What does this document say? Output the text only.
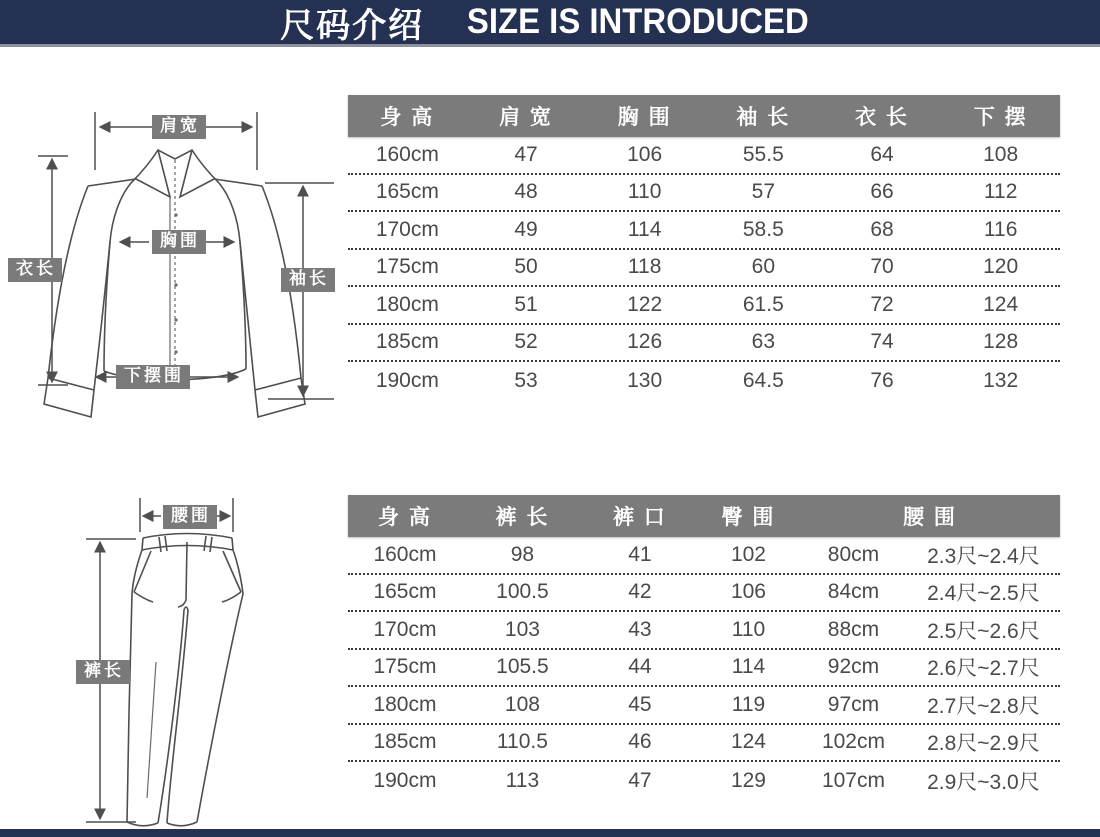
尺码介绍 SIZE IS INTRODUCED
肩宽
胸围
衣长
袖长
下摆围
身 高	肩 宽	胸 围	袖 长	衣 长	下 摆
160cm	47	106	55.5	64	108
165cm	48	110	57	66	112
170cm	49	114	58.5	68	116
175cm	50	118	60	70	120
180cm	51	122	61.5	72	124
185cm	52	126	63	74	128
190cm	53	130	64.5	76	132
腰围
裤长
身 高	裤 长	裤 口	臀 围	腰 围
160cm	98	41	102	80cm	2.3尺~2.4尺
165cm	100.5	42	106	84cm	2.4尺~2.5尺
170cm	103	43	110	88cm	2.5尺~2.6尺
175cm	105.5	44	114	92cm	2.6尺~2.7尺
180cm	108	45	119	97cm	2.7尺~2.8尺
185cm	110.5	46	124	102cm	2.8尺~2.9尺
190cm	113	47	129	107cm	2.9尺~3.0尺
